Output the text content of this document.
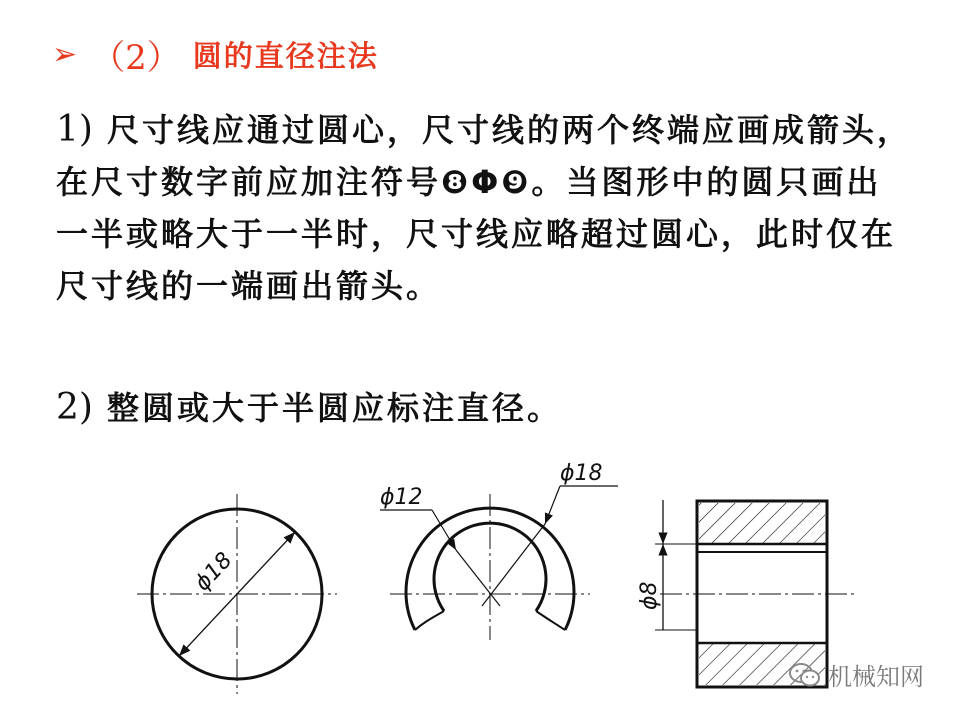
➢ （2） 圆的直径注法
1) 尺寸线应通过圆心，尺寸线的两个终端应画成箭头，在尺寸数字前应加注符号❽Φ❾。当图形中的圆只画出一半或略大于一半时，尺寸线应略超过圆心，此时仅在尺寸线的一端画出箭头。
2) 整圆或大于半圆应标注直径。
ϕ18
ϕ12
ϕ18
ϕ8
机械知网
